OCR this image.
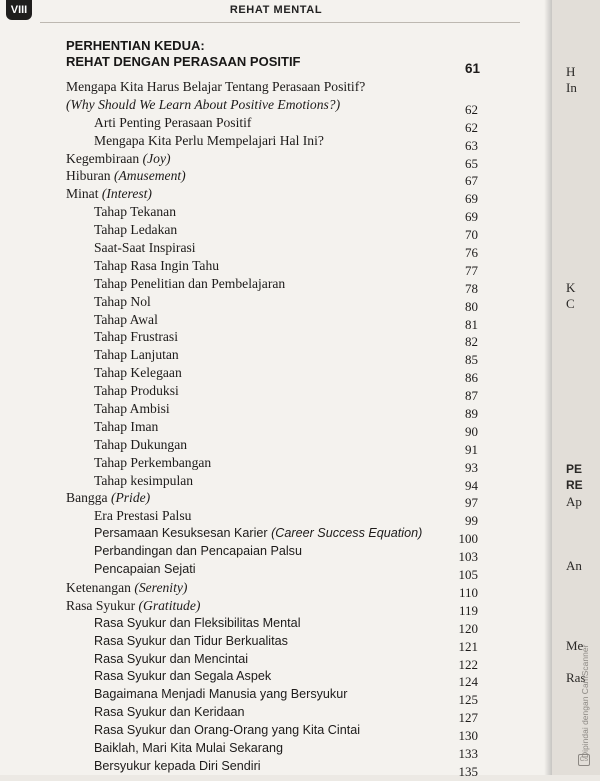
VIII	REHAT MENTAL

PERHENTIAN KEDUA:
REHAT DENGAN PERASAAN POSITIF	61
Mengapa Kita Harus Belajar Tentang Perasaan Positif?
(Why Should We Learn About Positive Emotions?)	62
Arti Penting Perasaan Positif	62
Mengapa Kita Perlu Mempelajari Hal Ini?	63
Kegembiraan (Joy)	65
Hiburan (Amusement)	67
Minat (Interest)	69
Tahap Tekanan	69
Tahap Ledakan	70
Saat-Saat Inspirasi	76
Tahap Rasa Ingin Tahu	77
Tahap Penelitian dan Pembelajaran	78
Tahap Nol	80
Tahap Awal	81
Tahap Frustrasi	82
Tahap Lanjutan	85
Tahap Kelegaan	86
Tahap Produksi	87
Tahap Ambisi	89
Tahap Iman	90
Tahap Dukungan	91
Tahap Perkembangan	93
Tahap kesimpulan	94
Bangga (Pride)	97
Era Prestasi Palsu	99
Persamaan Kesuksesan Karier (Career Success Equation)	100
Perbandingan dan Pencapaian Palsu	103
Pencapaian Sejati	105
Ketenangan (Serenity)	110
Rasa Syukur (Gratitude)	119
Rasa Syukur dan Fleksibilitas Mental	120
Rasa Syukur dan Tidur Berkualitas	121
Rasa Syukur dan Mencintai	122
Rasa Syukur dan Segala Aspek	124
Bagaimana Menjadi Manusia yang Bersyukur	125
Rasa Syukur dan Keridaan	127
Rasa Syukur dan Orang-Orang yang Kita Cintai	130
Baiklah, Mari Kita Mulai Sekarang	133
Bersyukur kepada Diri Sendiri	135
H
In
K
C
PE
RE
Ap
An
Me
Ras
Dipindai dengan CamScanner
CS
